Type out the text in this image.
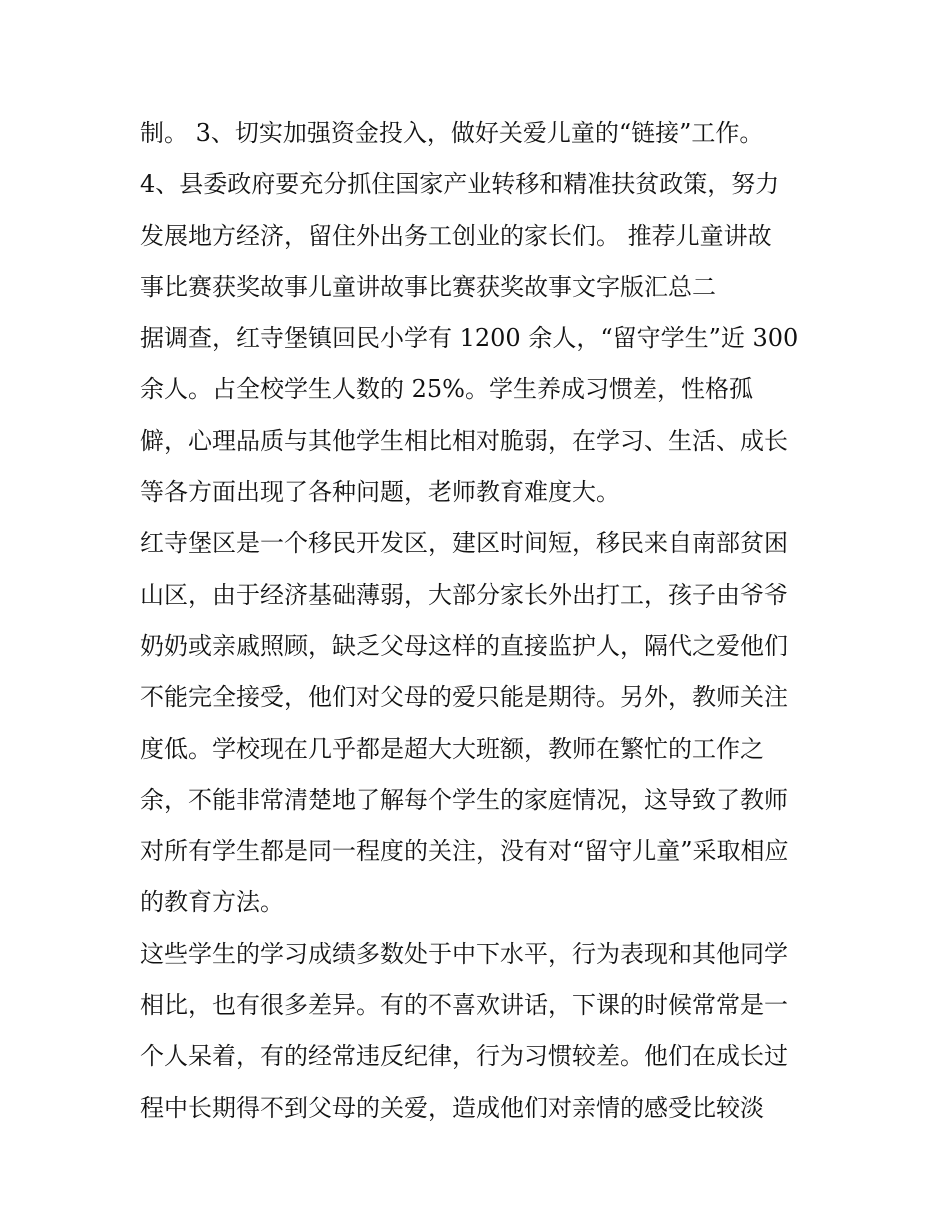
制。 3、切实加强资金投入，做好关爱儿童的“链接”工作。
4、县委政府要充分抓住国家产业转移和精准扶贫政策，努力
发展地方经济，留住外出务工创业的家长们。 推荐儿童讲故
事比赛获奖故事儿童讲故事比赛获奖故事文字版汇总二
据调查，红寺堡镇回民小学有 1200 余人，“留守学生”近 300
余人。占全校学生人数的 25%。学生养成习惯差，性格孤
僻，心理品质与其他学生相比相对脆弱，在学习、生活、成长
等各方面出现了各种问题，老师教育难度大。
红寺堡区是一个移民开发区，建区时间短，移民来自南部贫困
山区，由于经济基础薄弱，大部分家长外出打工，孩子由爷爷
奶奶或亲戚照顾，缺乏父母这样的直接监护人，隔代之爱他们
不能完全接受，他们对父母的爱只能是期待。另外，教师关注
度低。学校现在几乎都是超大大班额，教师在繁忙的工作之
余，不能非常清楚地了解每个学生的家庭情况，这导致了教师
对所有学生都是同一程度的关注，没有对“留守儿童”采取相应
的教育方法。
这些学生的学习成绩多数处于中下水平，行为表现和其他同学
相比，也有很多差异。有的不喜欢讲话，下课的时候常常是一
个人呆着，有的经常违反纪律，行为习惯较差。他们在成长过
程中长期得不到父母的关爱，造成他们对亲情的感受比较淡
